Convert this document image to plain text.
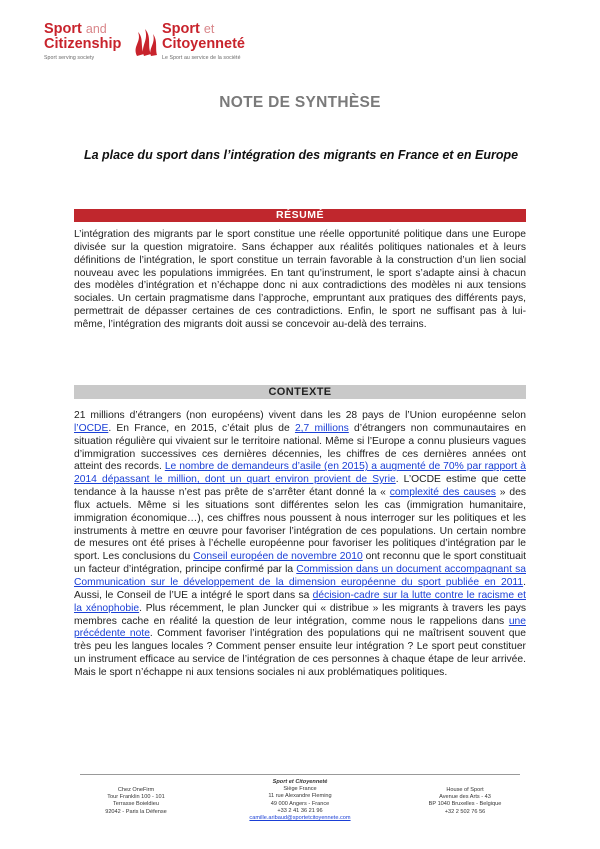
Sport and
Citizenship
Sport serving society
Sport et
Citoyenneté
Le Sport au service de la société
NOTE DE SYNTHÈSE
La place du sport dans l’intégration des migrants en France et en Europe
RÉSUMÉ

L’intégration des migrants par le sport constitue une réelle opportunité politique dans une Europe divisée sur la question migratoire. Sans échapper aux réalités politiques nationales et à leurs définitions de l’intégration, le sport constitue un terrain favorable à la construction d’un lien social nouveau avec les populations immigrées. En tant qu’instrument, le sport s’adapte ainsi à chacun des modèles d’intégration et n’échappe donc ni aux contradictions des modèles ni aux tensions sociales. Un certain pragmatisme dans l’approche, empruntant aux pratiques des différents pays, permettrait de dépasser certaines de ces contradictions. Enfin, le sport ne suffisant pas à lui-même, l’intégration des migrants doit aussi se concevoir au-delà des terrains.

CONTEXTE

21 millions d’étrangers (non européens) vivent dans les 28 pays de l’Union européenne selon l’OCDE. En France, en 2015, c’était plus de 2,7 millions d’étrangers non communautaires en situation régulière qui vivaient sur le territoire national. Même si l’Europe a connu plusieurs vagues d’immigration successives ces dernières décennies, les chiffres de ces dernières années ont atteint des records. Le nombre de demandeurs d’asile (en 2015) a augmenté de 70% par rapport à 2014 dépassant le million, dont un quart environ provient de Syrie. L’OCDE estime que cette tendance à la hausse n’est pas prête de s’arrêter étant donné la « complexité des causes » des flux actuels. Même si les situations sont différentes selon les cas (immigration humanitaire, immigration économique…), ces chiffres nous poussent à nous interroger sur les politiques et les instruments à mettre en œuvre pour favoriser l’intégration de ces populations. Un certain nombre de mesures ont été prises à l’échelle européenne pour favoriser les politiques d’intégration par le sport. Les conclusions du Conseil européen de novembre 2010 ont reconnu que le sport constituait un facteur d’intégration, principe confirmé par la Commission dans un document accompagnant sa Communication sur le développement de la dimension européenne du sport publiée en 2011. Aussi, le Conseil de l’UE a intégré le sport dans sa décision-cadre sur la lutte contre le racisme et la xénophobie. Plus récemment, le plan Juncker qui « distribue » les migrants à travers les pays membres cache en réalité la question de leur intégration, comme nous le rappelions dans une précédente note. Comment favoriser l’intégration des populations qui ne maîtrisent souvent que très peu les langues locales ? Comment penser ensuite leur intégration ? Le sport peut constituer un instrument efficace au service de l’intégration de ces personnes à chaque étape de leur arrivée. Mais le sport n’échappe ni aux tensions sociales ni aux problématiques politiques.

Chez OneFirm
Tour Franklin 100 - 101
Terrasse Boieldieu
92042 - Paris la Défense
Sport et Citoyenneté
Siège France
11 rue Alexandre Fleming
49 000 Angers - France
+33 2 41 36 21 96
camille.aribaud@sportetcitoyennete.com
House of Sport
Avenue des Arts - 43
BP 1040 Bruxelles - Belgique
+32 2 502 76 56
